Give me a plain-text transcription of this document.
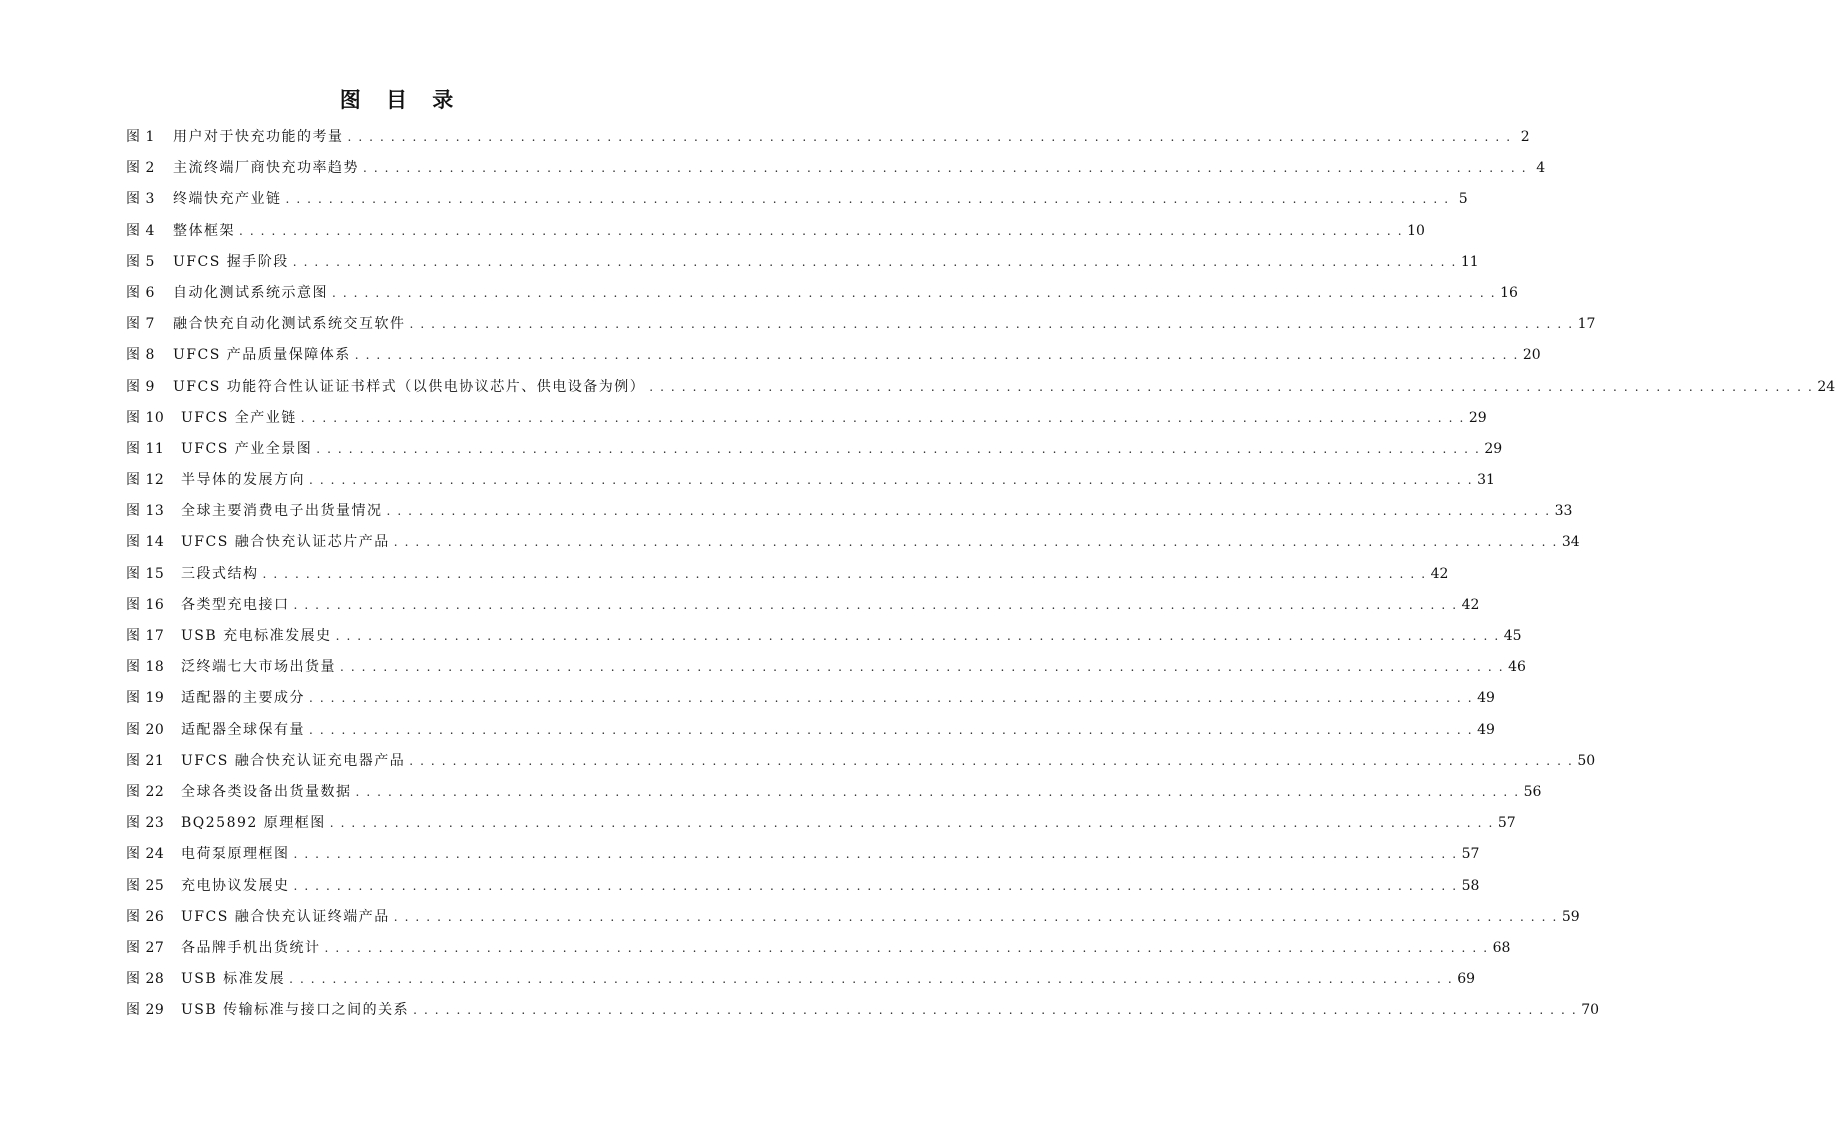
图 目 录
图 1	用户对于快充功能的考量 . . .	2
图 2	主流终端厂商快充功率趋势 . . .	4
图 3	终端快充产业链 . . .	5
图 4	整体框架 . . .	10
图 5	UFCS 握手阶段 . . .	11
图 6	自动化测试系统示意图 . . .	16
图 7	融合快充自动化测试系统交互软件 . . .	17
图 8	UFCS 产品质量保障体系 . . .	20
图 9	UFCS 功能符合性认证证书样式（以供电协议芯片、供电设备为例） . . .	24
图 10	UFCS 全产业链 . . .	29
图 11	UFCS 产业全景图 . . .	29
图 12	半导体的发展方向 . . .	31
图 13	全球主要消费电子出货量情况 . . .	33
图 14	UFCS 融合快充认证芯片产品 . . .	34
图 15	三段式结构 . . .	42
图 16	各类型充电接口 . . .	42
图 17	USB 充电标准发展史 . . .	45
图 18	泛终端七大市场出货量 . . .	46
图 19	适配器的主要成分 . . .	49
图 20	适配器全球保有量 . . .	49
图 21	UFCS 融合快充认证充电器产品 . . .	50
图 22	全球各类设备出货量数据 . . .	56
图 23	BQ25892 原理框图 . . .	57
图 24	电荷泵原理框图 . . .	57
图 25	充电协议发展史 . . .	58
图 26	UFCS 融合快充认证终端产品 . . .	59
图 27	各品牌手机出货统计 . . .	68
图 28	USB 标准发展 . . .	69
图 29	USB 传输标准与接口之间的关系 . . .	70
